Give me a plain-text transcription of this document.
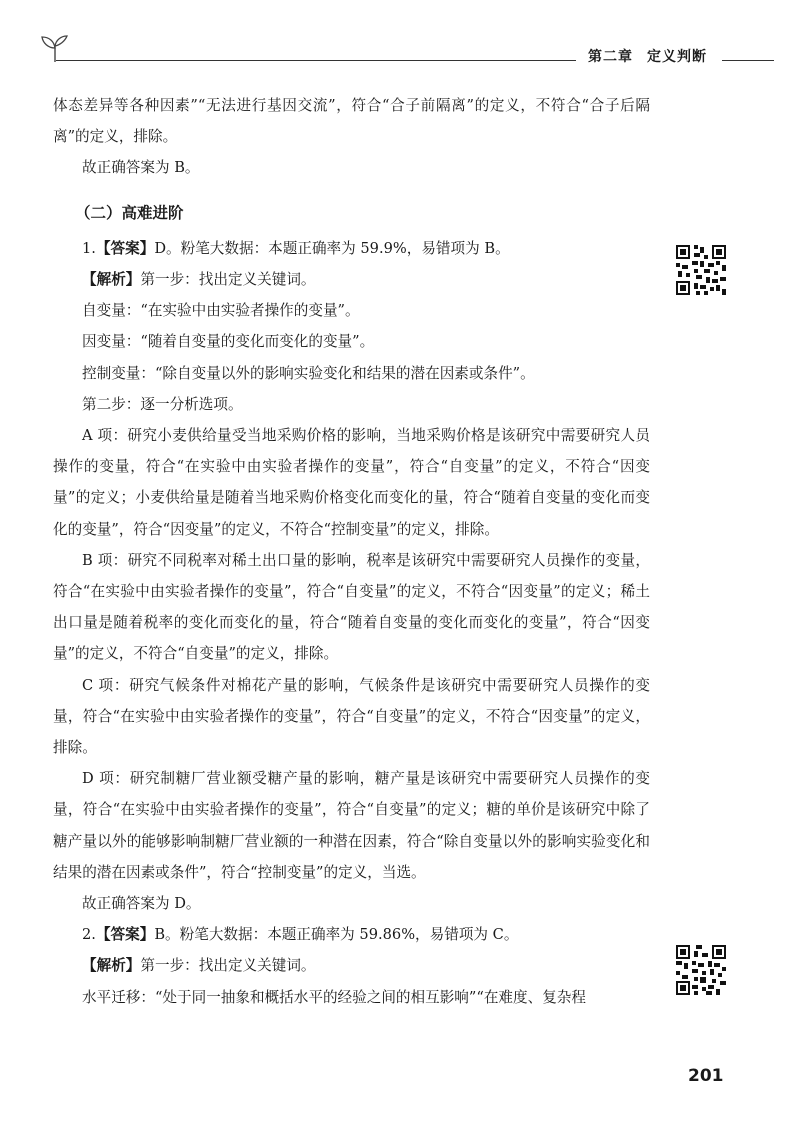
第二章 定义判断

体态差异等各种因素”“无法进行基因交流”，符合“合子前隔离”的定义，不符合“合子后隔离”的定义，排除。

故正确答案为 B。

（二）高难进阶

1.【答案】D。粉笔大数据：本题正确率为 59.9%，易错项为 B。

【解析】第一步：找出定义关键词。

自变量：“在实验中由实验者操作的变量”。

因变量：“随着自变量的变化而变化的变量”。

控制变量：“除自变量以外的影响实验变化和结果的潜在因素或条件”。

第二步：逐一分析选项。

A 项：研究小麦供给量受当地采购价格的影响，当地采购价格是该研究中需要研究人员操作的变量，符合“在实验中由实验者操作的变量”，符合“自变量”的定义，不符合“因变量”的定义；小麦供给量是随着当地采购价格变化而变化的量，符合“随着自变量的变化而变化的变量”，符合“因变量”的定义，不符合“控制变量”的定义，排除。

B 项：研究不同税率对稀土出口量的影响，税率是该研究中需要研究人员操作的变量，符合“在实验中由实验者操作的变量”，符合“自变量”的定义，不符合“因变量”的定义；稀土出口量是随着税率的变化而变化的量，符合“随着自变量的变化而变化的变量”，符合“因变量”的定义，不符合“自变量”的定义，排除。

C 项：研究气候条件对棉花产量的影响，气候条件是该研究中需要研究人员操作的变量，符合“在实验中由实验者操作的变量”，符合“自变量”的定义，不符合“因变量”的定义，排除。

D 项：研究制糖厂营业额受糖产量的影响，糖产量是该研究中需要研究人员操作的变量，符合“在实验中由实验者操作的变量”，符合“自变量”的定义；糖的单价是该研究中除了糖产量以外的能够影响制糖厂营业额的一种潜在因素，符合“除自变量以外的影响实验变化和结果的潜在因素或条件”，符合“控制变量”的定义，当选。

故正确答案为 D。

2.【答案】B。粉笔大数据：本题正确率为 59.86%，易错项为 C。

【解析】第一步：找出定义关键词。

水平迁移：“处于同一抽象和概括水平的经验之间的相互影响”“在难度、复杂程

201
